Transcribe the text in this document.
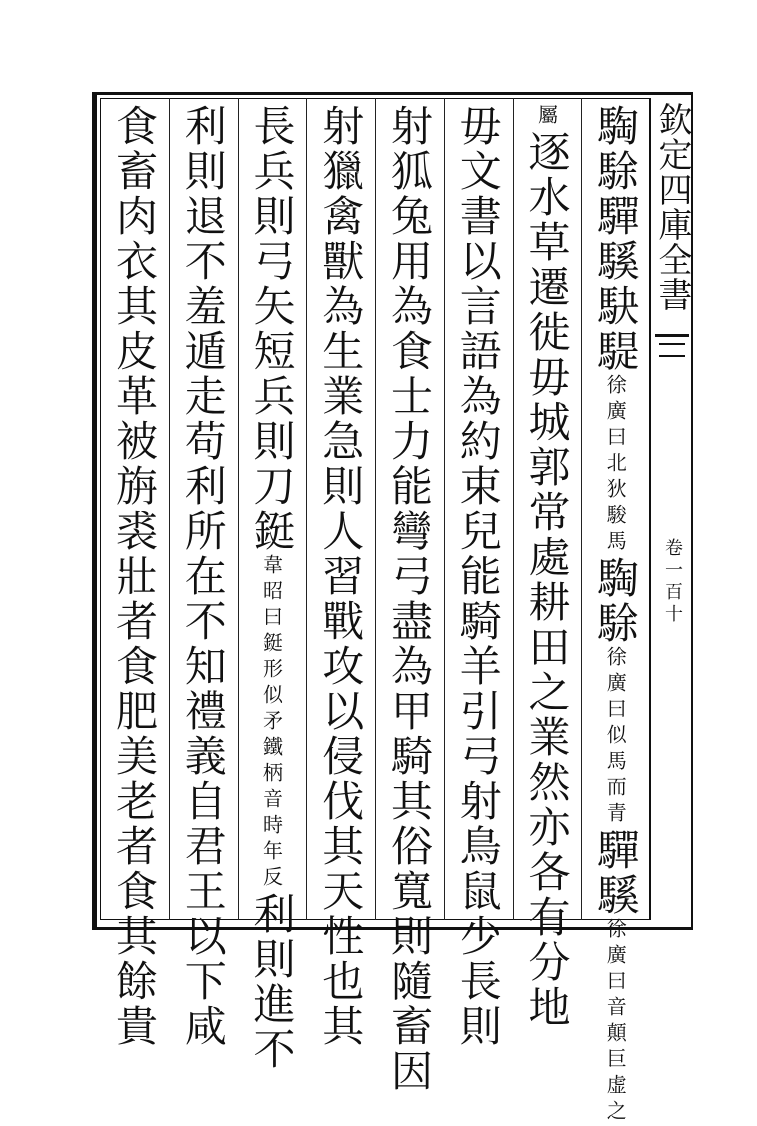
欽定四庫全書
卷一百十
騊駼驒騱駃騠徐廣曰北狄駿馬騊駼徐廣曰似馬而青驒騱徐廣曰音顛巨虚之
屬逐水草遷徙毋城郭常處耕田之業然亦各有分地
毋文書以言語為約束兒能騎羊引弓射鳥鼠少長則
射狐兔用為食士力能彎弓盡為甲騎其俗寬則隨畜因
射獵禽獸為生業急則人習戰攻以侵伐其天性也其
長兵則弓矢短兵則刀鋌韋昭曰鋌形似矛鐵柄音時年反利則進不
利則退不羞遁走苟利所在不知禮義自君王以下咸
食畜肉衣其皮革被旃裘壯者食肥美老者食其餘貴
